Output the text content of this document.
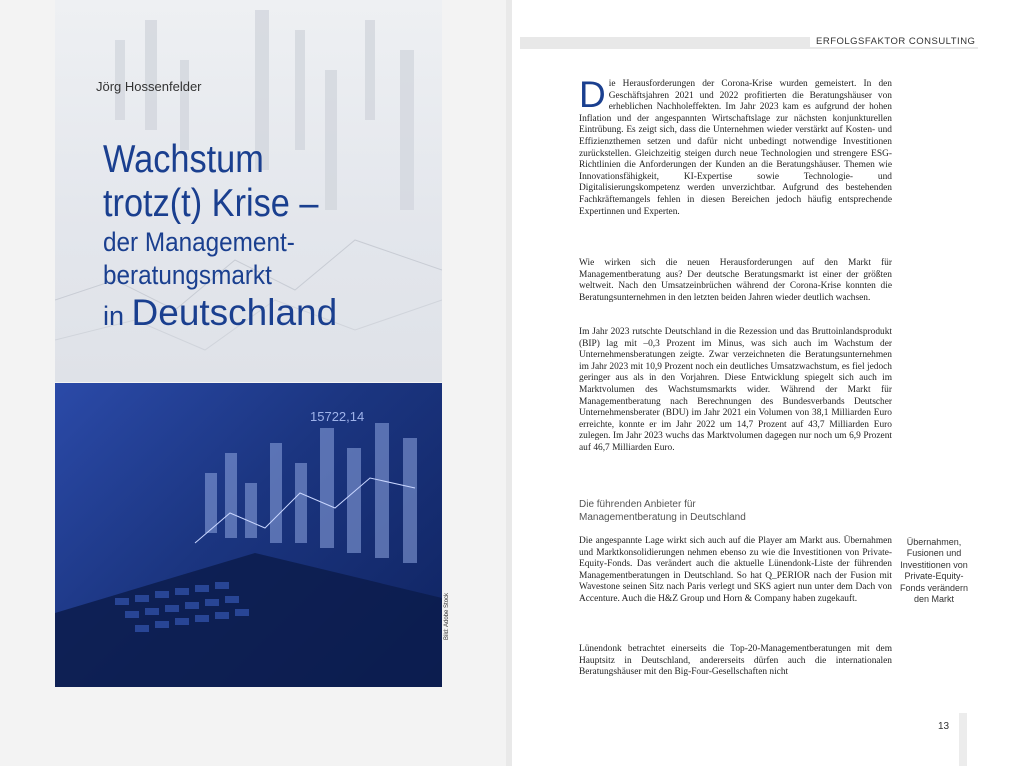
Jörg Hossenfelder
Wachstum
trotz(t) Krise –
der Management-
beratungsmarkt
in Deutschland
15722,14
Bild: Adobe Stock
ERFOLGSFAKTOR CONSULTING
D ie Herausforderungen der Corona-Krise wurden gemeistert. In den Geschäftsjahren 2021 und 2022 profitierten die Beratungshäuser von erheblichen Nachholeffekten. Im Jahr 2023 kam es aufgrund der hohen Inflation und der angespannten Wirtschaftslage zur nächsten konjunkturellen Eintrübung. Es zeigt sich, dass die Unternehmen wieder verstärkt auf Kosten- und Effizienzthemen setzen und dafür nicht unbedingt notwendige Investitionen zurückstellen. Gleichzeitig steigen durch neue Technologien und strengere ESG-Richtlinien die Anforderungen der Kunden an die Beratungshäuser. Themen wie Innovationsfähigkeit, KI-Expertise sowie Technologie- und Digitalisierungskompetenz werden unverzichtbar. Aufgrund des bestehenden Fachkräftemangels fehlen in diesen Bereichen jedoch häufig entsprechende Expertinnen und Experten.

Wie wirken sich die neuen Herausforderungen auf den Markt für Managementberatung aus? Der deutsche Beratungsmarkt ist einer der größten weltweit. Nach den Umsatzeinbrüchen während der Corona-Krise konnten die Beratungsunternehmen in den letzten beiden Jahren wieder deutlich wachsen.

Im Jahr 2023 rutschte Deutschland in die Rezession und das Bruttoinlandsprodukt (BIP) lag mit –0,3 Prozent im Minus, was sich auch im Wachstum der Unternehmensberatungen zeigte. Zwar verzeichneten die Beratungsunternehmen im Jahr 2023 mit 10,9 Prozent noch ein deutliches Umsatzwachstum, es fiel jedoch geringer aus als in den Vorjahren. Diese Entwicklung spiegelt sich auch im Marktvolumen des Wachstumsmarkts wider. Während der Markt für Managementberatung nach Berechnungen des Bundesverbands Deutscher Unternehmensberater (BDU) im Jahr 2021 ein Volumen von 38,1 Milliarden Euro erreichte, konnte er im Jahr 2022 um 14,7 Prozent auf 43,7 Milliarden Euro zulegen. Im Jahr 2023 wuchs das Marktvolumen dagegen nur noch um 6,9 Prozent auf 46,7 Milliarden Euro.

Die führenden Anbieter für
Managementberatung in Deutschland

Die angespannte Lage wirkt sich auch auf die Player am Markt aus. Übernahmen und Marktkonsolidierungen nehmen ebenso zu wie die Investitionen von Private-Equity-Fonds. Das verändert auch die aktuelle Lünendonk-Liste der führenden Managementberatungen in Deutschland. So hat Q_PERIOR nach der Fusion mit Wavestone seinen Sitz nach Paris verlegt und SKS agiert nun unter dem Dach von Accenture. Auch die H&Z Group und Horn & Company haben zugekauft.

Lünendonk betrachtet einerseits die Top-20-Managementberatungen mit dem Hauptsitz in Deutschland, andererseits dürfen auch die internationalen Beratungshäuser mit den Big-Four-Gesellschaften nicht

Übernahmen, Fusionen und Investitionen von Private-Equity-Fonds verändern den Markt
13
